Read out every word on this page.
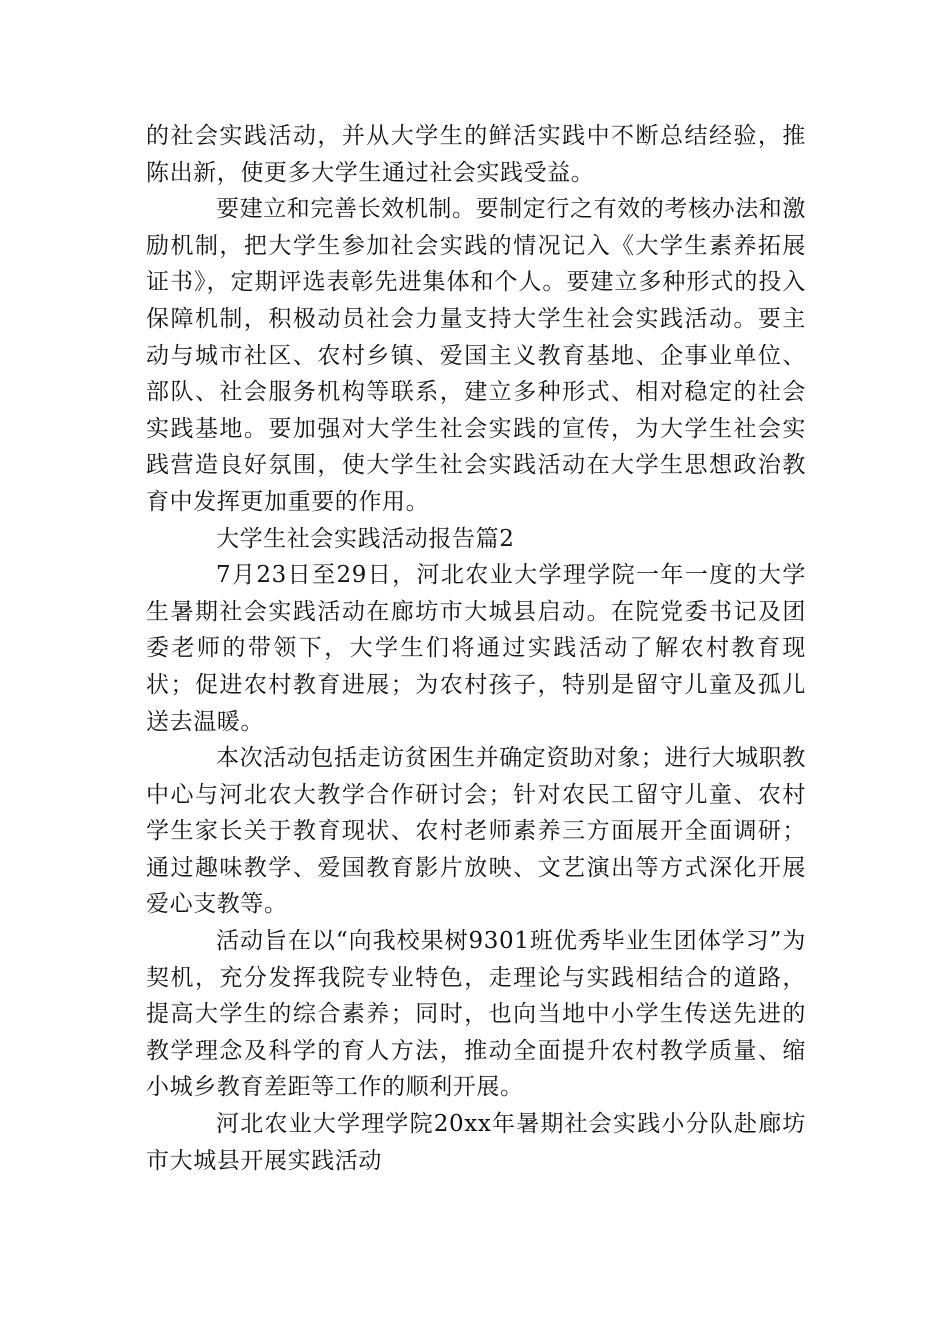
的社会实践活动，并从大学生的鲜活实践中不断总结经验，推陈出新，使更多大学生通过社会实践受益。

要建立和完善长效机制。要制定行之有效的考核办法和激励机制，把大学生参加社会实践的情况记入《大学生素养拓展证书》，定期评选表彰先进集体和个人。要建立多种形式的投入保障机制，积极动员社会力量支持大学生社会实践活动。要主动与城市社区、农村乡镇、爱国主义教育基地、企事业单位、部队、社会服务机构等联系，建立多种形式、相对稳定的社会实践基地。要加强对大学生社会实践的宣传，为大学生社会实践营造良好氛围，使大学生社会实践活动在大学生思想政治教育中发挥更加重要的作用。

大学生社会实践活动报告篇2

7月23日至29日，河北农业大学理学院一年一度的大学生暑期社会实践活动在廊坊市大城县启动。在院党委书记及团委老师的带领下，大学生们将通过实践活动了解农村教育现状；促进农村教育进展；为农村孩子，特别是留守儿童及孤儿送去温暖。

本次活动包括走访贫困生并确定资助对象；进行大城职教中心与河北农大教学合作研讨会；针对农民工留守儿童、农村学生家长关于教育现状、农村老师素养三方面展开全面调研；通过趣味教学、爱国教育影片放映、文艺演出等方式深化开展爱心支教等。

活动旨在以“向我校果树9301班优秀毕业生团体学习”为契机，充分发挥我院专业特色，走理论与实践相结合的道路，提高大学生的综合素养；同时，也向当地中小学生传送先进的教学理念及科学的育人方法，推动全面提升农村教学质量、缩小城乡教育差距等工作的顺利开展。

河北农业大学理学院20xx年暑期社会实践小分队赴廊坊市大城县开展实践活动
